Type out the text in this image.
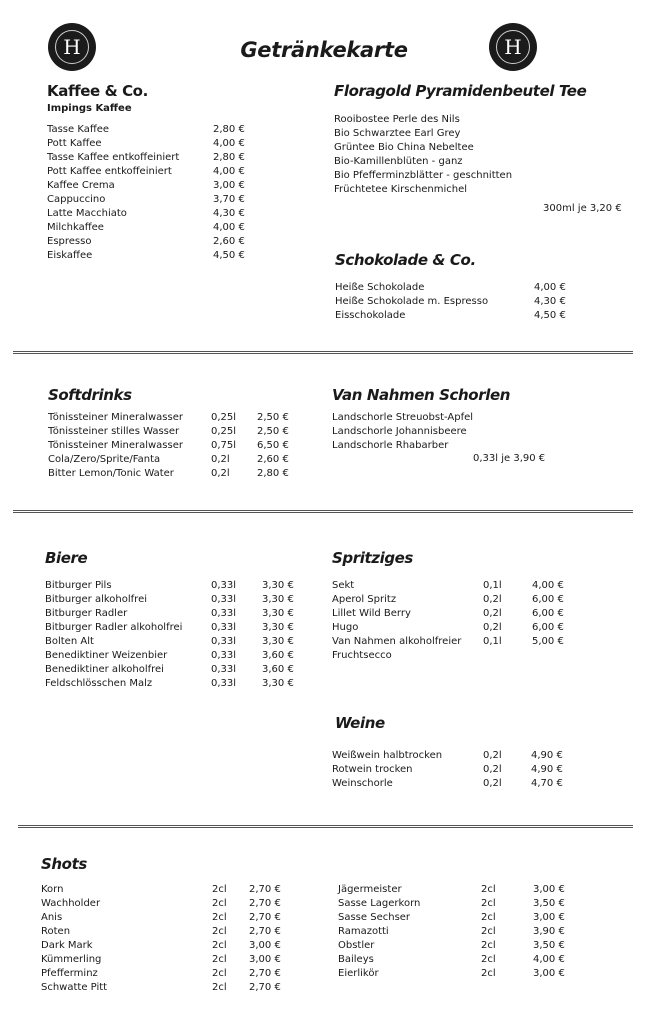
H	H
Getränkekarte
Kaffee & Co.
Impings Kaffee
Tasse Kaffee	2,80 €
Pott Kaffee	4,00 €
Tasse Kaffee entkoffeiniert	2,80 €
Pott Kaffee entkoffeiniert	4,00 €
Kaffee Crema	3,00 €
Cappuccino	3,70 €
Latte Macchiato	4,30 €
Milchkaffee	4,00 €
Espresso	2,60 €
Eiskaffee	4,50 €
Floragold Pyramidenbeutel Tee
Rooibostee Perle des Nils
Bio Schwarztee Earl Grey
Grüntee Bio China Nebeltee
Bio-Kamillenblüten - ganz
Bio Pfefferminzblätter - geschnitten
Früchtetee Kirschenmichel
300ml je 3,20 €
Schokolade & Co.
Heiße Schokolade	4,00 €
Heiße Schokolade m. Espresso	4,30 €
Eisschokolade	4,50 €
Softdrinks
Tönissteiner Mineralwasser	0,25l 2,50 €
Tönissteiner stilles Wasser	0,25l 2,50 €
Tönissteiner Mineralwasser	0,75l 6,50 €
Cola/Zero/Sprite/Fanta	0,2l	2,60 €
Bitter Lemon/Tonic Water	0,2l	2,80 €
Van Nahmen Schorlen
Landschorle Streuobst-Apfel
Landschorle Johannisbeere
Landschorle Rhabarber
0,33l je 3,90 €
Biere
Bitburger Pils	0,33l	3,30 €
Bitburger alkoholfrei	0,33l	3,30 €
Bitburger Radler	0,33l	3,30 €
Bitburger Radler alkoholfrei	0,33l	3,30 €
Bolten Alt	0,33l	3,30 €
Benediktiner Weizenbier	0,33l	3,60 €
Benediktiner alkoholfrei	0,33l	3,60 €
Feldschlösschen Malz	0,33l	3,30 €
Spritziges
Sekt	0,1l	4,00 €
Aperol Spritz	0,2l	6,00 €
Lillet Wild Berry	0,2l	6,00 €
Hugo	0,2l	6,00 €
Van Nahmen alkoholfreier 0,1l	5,00 €
Fruchtsecco
Weine
Weißwein halbtrocken	0,2l	4,90 €
Rotwein trocken	0,2l	4,90 €
Weinschorle	0,2l	4,70 €
Shots
Korn	2cl 2,70 €
Wachholder	2cl 2,70 €
Anis	2cl 2,70 €
Roten	2cl 2,70 €
Dark Mark	2cl 3,00 €
Kümmerling	2cl 3,00 €
Pfefferminz	2cl 2,70 €
Schwatte Pitt	2cl 2,70 €
Jägermeister	2cl	3,00 €
Sasse Lagerkorn	2cl	3,50 €
Sasse Sechser	2cl	3,00 €
Ramazotti	2cl	3,90 €
Obstler	2cl	3,50 €
Baileys	2cl	4,00 €
Eierlikör	2cl	3,00 €
